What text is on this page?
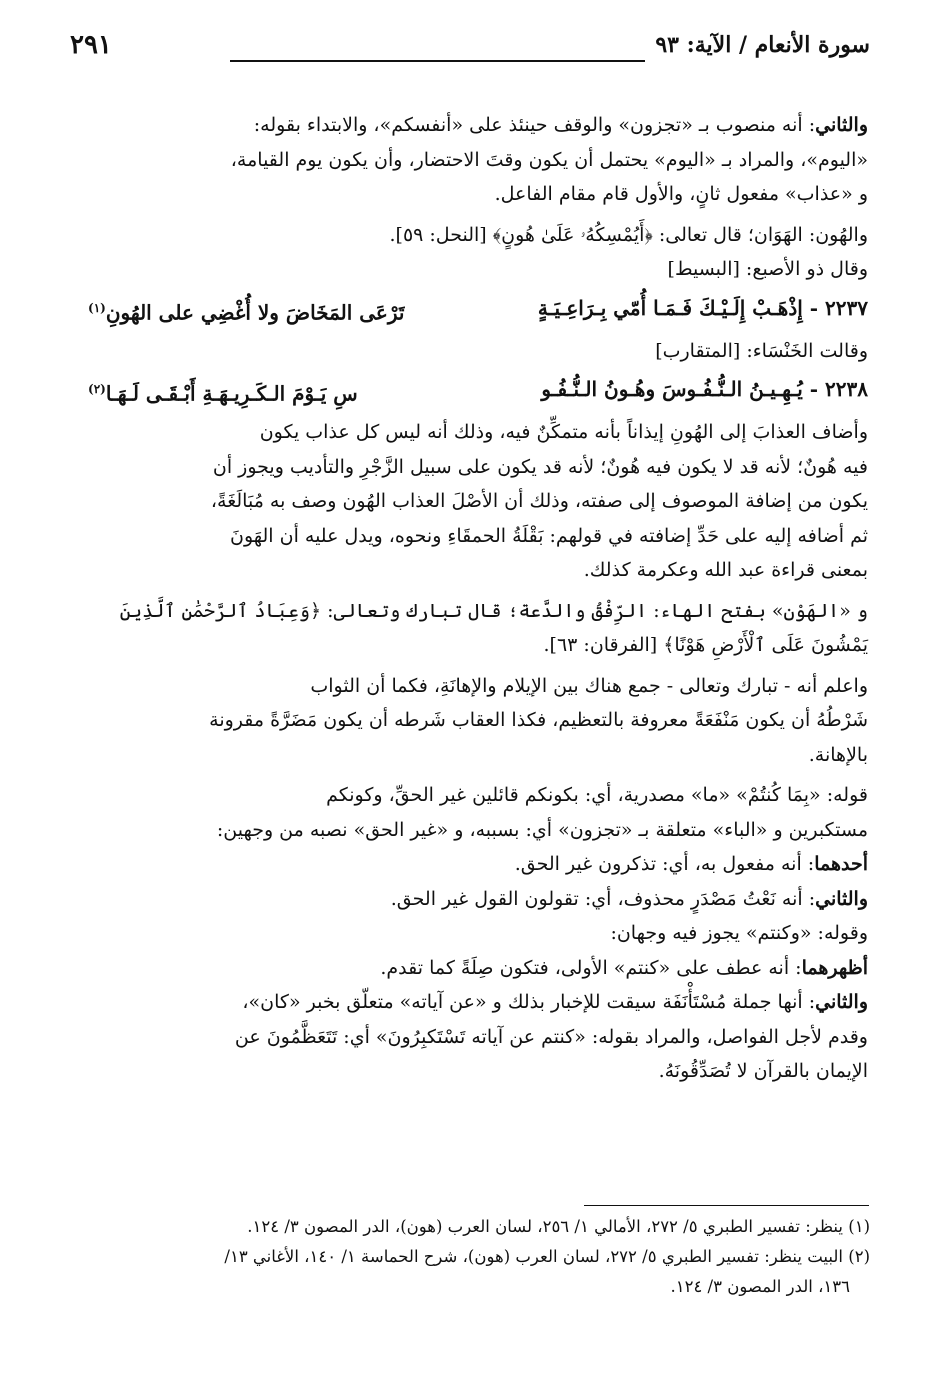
سورة الأنعام / الآية: ٩٣
٢٩١

والثاني: أنه منصوب بـ «تجزون» والوقف حينئذ على «أنفسكم»، والابتداء بقوله:
«اليوم»، والمراد بـ «اليوم» يحتمل أن يكون وقتَ الاحتضار، وأن يكون يوم القيامة،
و «عذاب» مفعول ثانٍ، والأول قام مقام الفاعل.

والهُون: الهَوَان؛ قال تعالى: ﴿أَيُمْسِكُهُۥ عَلَىٰ هُونٍ﴾ [النحل: ٥٩].

وقال ذو الأصبع: [البسيط]

٢٢٣٧ - إِذْهَـبْ إِلَـيْـكَ فَـمَـا أُمّي بِـرَاعِـيَـةٍ
تَرْعَى المَخَاضَ ولا أُغْضِي على الهُونِ$^{(١)}$

وقالت الخَنْسَاء: [المتقارب]

٢٢٣٨ - يُـهِـيـنُ الـنُّـفُـوسَ وهُـونُ الـنُّـفُـو
سِ يَـوْمَ الـكَـرِيـهَـةِ أَبْـقَـى لَـهَـا$^{(٢)}$

وأضاف العذابَ إلى الهُونِ إيذاناً بأنه متمكِّنٌ فيه، وذلك أنه ليس كل عذاب يكون
فيه هُونٌ؛ لأنه قد لا يكون فيه هُونٌ؛ لأنه قد يكون على سبيل الزَّجْرِ والتأديب ويجوز أن
يكون من إضافة الموصوف إلى صفته، وذلك أن الأصْلَ العذاب الهُون وصف به مُبَالَغَةً،
ثم أضافه إليه على حَدِّ إضافته في قولهم: بَقْلَةُ الحمقَاءِ ونحوه، ويدل عليه أن الهَونَ
بمعنى قراءة عبد الله وعكرمة كذلك.

و «الهَوْن» بفتح الهاء: الرِّفْقُ والدَّعة؛ قال تبارك وتعالى: ﴿وَعِبَادُ ٱلرَّحْمَٰنِ ٱلَّذِينَ
يَمْشُونَ عَلَى ٱلْأَرْضِ هَوْنًا﴾ [الفرقان: ٦٣].

واعلم أنه - تبارك وتعالى - جمع هناك بين الإيلام والإهانَةِ، فكما أن الثواب
شَرْطُهُ أن يكون مَنْفَعَةً معروفة بالتعظيم، فكذا العقاب شَرطه أن يكون مَضَرَّةً مقرونة
بالإهانة.

قوله: «بِمَا كُنتُمْ» «ما» مصدرية، أي: بكونكم قائلين غير الحقِّ، وكونكم
مستكبرين و «الباء» متعلقة بـ «تجزون» أي: بسببه، و «غير الحق» نصبه من وجهين:

أحدهما: أنه مفعول به، أي: تذكرون غير الحق.

والثاني: أنه نَعْتُ مَصْدَرٍ محذوف، أي: تقولون القول غير الحق.

وقوله: «وكنتم» يجوز فيه وجهان:

أظهرهما: أنه عطف على «كنتم» الأولى، فتكون صِلَةً كما تقدم.

والثاني: أنها جملة مُسْتَأْنَفَة سيقت للإخبار بذلك و «عن آياته» متعلّق بخبر «كان»،
وقدم لأجل الفواصل، والمراد بقوله: «كنتم عن آياته تَسْتَكبِرُونَ» أي: تَتَعَظَّمُونَ عن
الإيمان بالقرآن لا تُصَدِّقُونَهُ.

(١) ينظر: تفسير الطبري ٥/ ٢٧٢، الأمالي ١/ ٢٥٦، لسان العرب (هون)، الدر المصون ٣/ ١٢٤.

(٢) البيت ينظر: تفسير الطبري ٥/ ٢٧٢، لسان العرب (هون)، شرح الحماسة ١/ ١٤٠، الأغاني ١٣/
١٣٦، الدر المصون ٣/ ١٢٤.
